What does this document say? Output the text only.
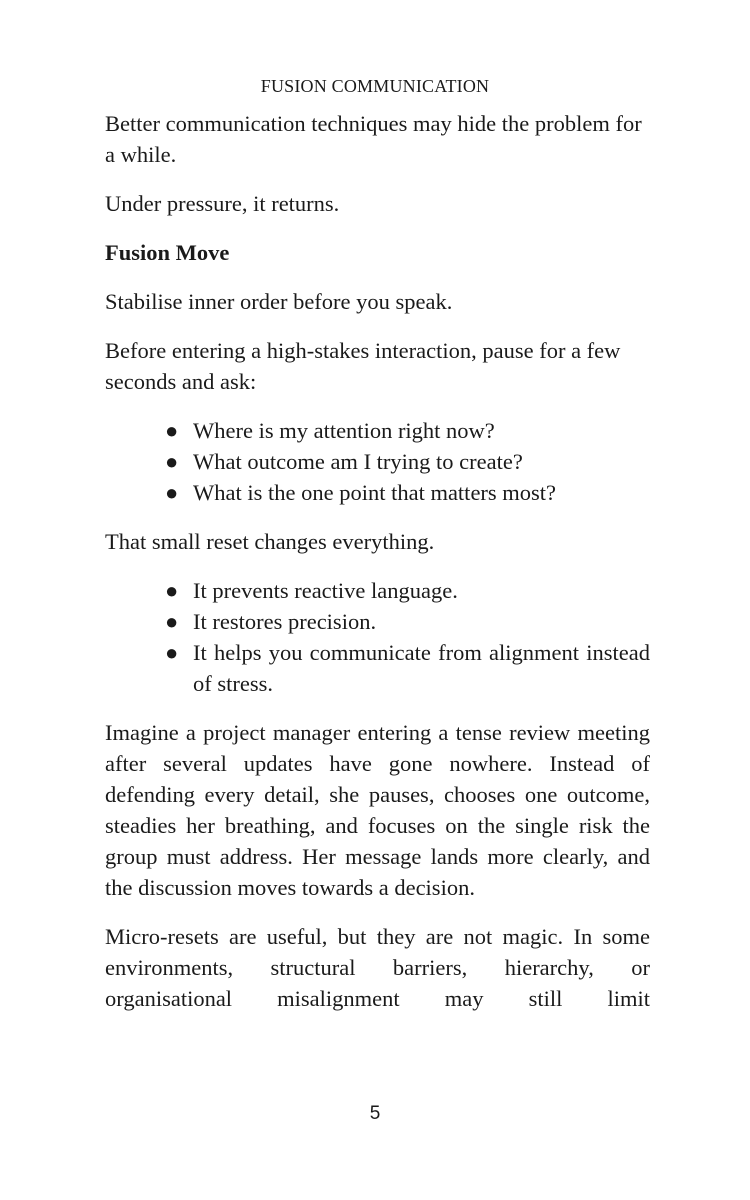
FUSION COMMUNICATION

Better communication techniques may hide the problem for a while.

Under pressure, it returns.

Fusion Move

Stabilise inner order before you speak.

Before entering a high-stakes interaction, pause for a few seconds and ask:

● Where is my attention right now?
● What outcome am I trying to create?
● What is the one point that matters most?

That small reset changes everything.

● It prevents reactive language.
● It restores precision.
● It helps you communicate from alignment instead of stress.

Imagine a project manager entering a tense review meeting after several updates have gone nowhere. Instead of defending every detail, she pauses, chooses one outcome, steadies her breathing, and focuses on the single risk the group must address. Her message lands more clearly, and the discussion moves towards a decision.

Micro-resets are useful, but they are not magic. In some environments, structural barriers, hierarchy, or organisational misalignment may still limit

5
